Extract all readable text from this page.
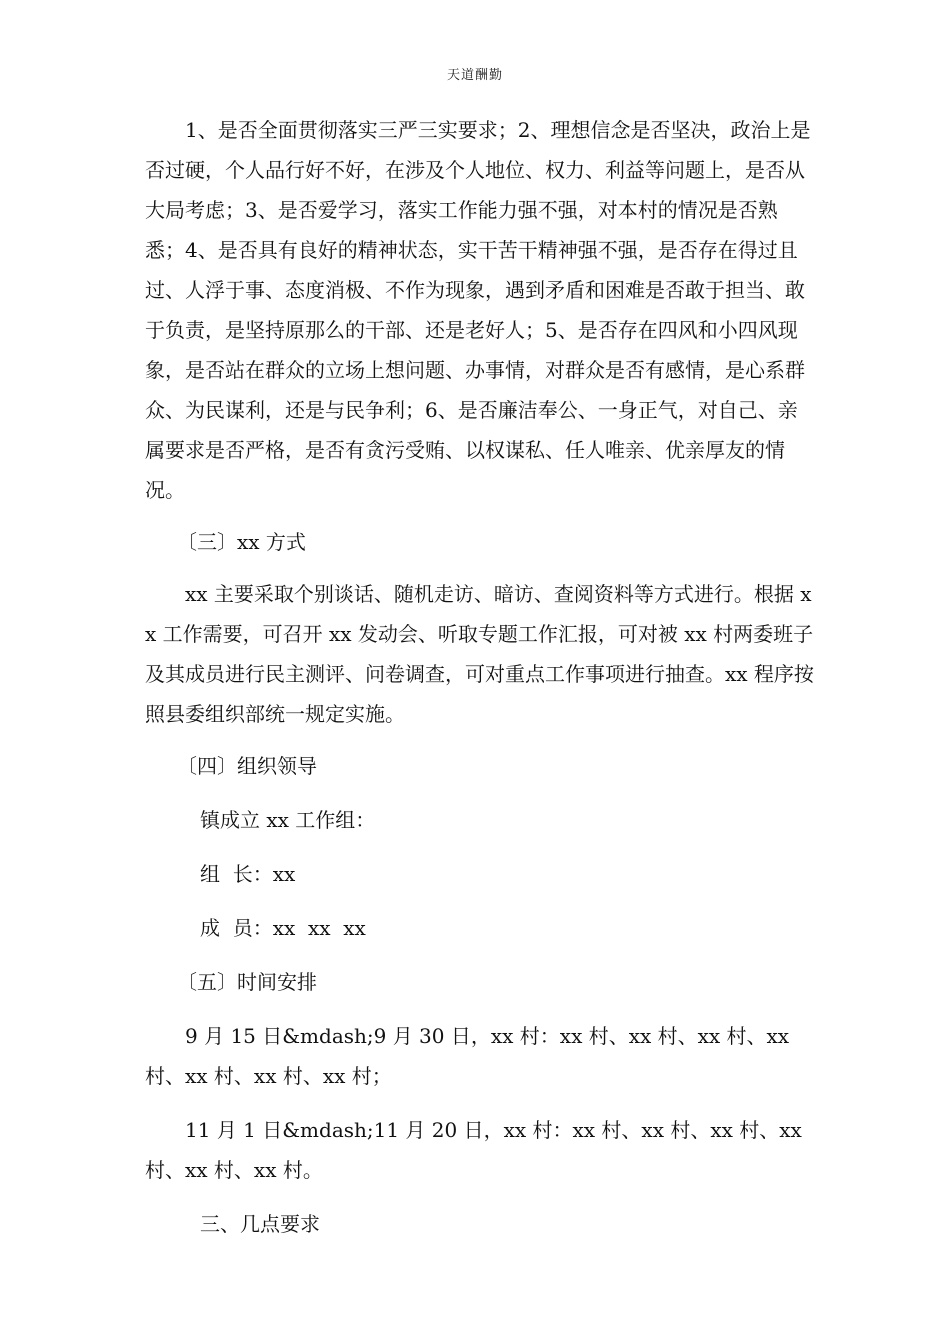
天道酬勤

1、是否全面贯彻落实三严三实要求；2、理想信念是否坚决，政治上是否过硬，个人品行好不好，在涉及个人地位、权力、利益等问题上，是否从大局考虑；3、是否爱学习，落实工作能力强不强，对本村的情况是否熟悉；4、是否具有良好的精神状态，实干苦干精神强不强，是否存在得过且过、人浮于事、态度消极、不作为现象，遇到矛盾和困难是否敢于担当、敢于负责，是坚持原那么的干部、还是老好人；5、是否存在四风和小四风现象，是否站在群众的立场上想问题、办事情，对群众是否有感情，是心系群众、为民谋利，还是与民争利；6、是否廉洁奉公、一身正气，对自己、亲属要求是否严格，是否有贪污受贿、以权谋私、任人唯亲、优亲厚友的情况。

〔三〕xx 方式

xx 主要采取个别谈话、随机走访、暗访、查阅资料等方式进行。根据 xx 工作需要，可召开 xx 发动会、听取专题工作汇报，可对被 xx 村两委班子及其成员进行民主测评、问卷调查，可对重点工作事项进行抽查。xx 程序按照县委组织部统一规定实施。

〔四〕组织领导

镇成立 xx 工作组：

组  长：xx

成  员：xx  xx  xx

〔五〕时间安排

9 月 15 日&mdash;9 月 30 日，xx 村：xx 村、xx 村、xx 村、xx 村、xx 村、xx 村、xx 村；

11 月 1 日&mdash;11 月 20 日，xx 村：xx 村、xx 村、xx 村、xx 村、xx 村、xx 村。

三、几点要求
